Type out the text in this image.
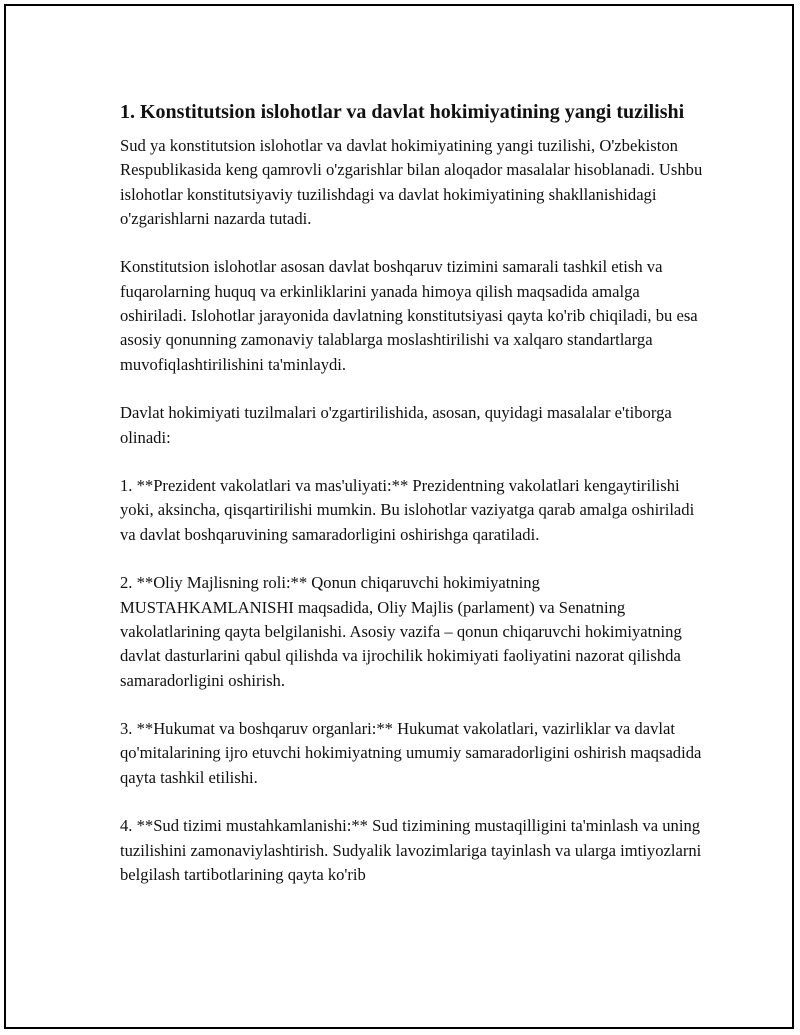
1. Konstitutsion islohotlar va davlat hokimiyatining yangi tuzilishi

Sud ya konstitutsion islohotlar va davlat hokimiyatining yangi tuzilishi, O'zbekiston Respublikasida keng qamrovli o'zgarishlar bilan aloqador masalalar hisoblanadi. Ushbu islohotlar konstitutsiyaviy tuzilishdagi va davlat hokimiyatining shakllanishidagi o'zgarishlarni nazarda tutadi.

Konstitutsion islohotlar asosan davlat boshqaruv tizimini samarali tashkil etish va fuqarolarning huquq va erkinliklarini yanada himoya qilish maqsadida amalga oshiriladi. Islohotlar jarayonida davlatning konstitutsiyasi qayta ko'rib chiqiladi, bu esa asosiy qonunning zamonaviy talablarga moslashtirilishi va xalqaro standartlarga muvofiqlashtirilishini ta'minlaydi.

Davlat hokimiyati tuzilmalari o'zgartirilishida, asosan, quyidagi masalalar e'tiborga olinadi:

1. **Prezident vakolatlari va mas'uliyati:** Prezidentning vakolatlari kengaytirilishi yoki, aksincha, qisqartirilishi mumkin. Bu islohotlar vaziyatga qarab amalga oshiriladi va davlat boshqaruvining samaradorligini oshirishga qaratiladi.

2. **Oliy Majlisning roli:** Qonun chiqaruvchi hokimiyatning MUSTAHKAMLANISHI maqsadida, Oliy Majlis (parlament) va Senatning vakolatlarining qayta belgilanishi. Asosiy vazifa – qonun chiqaruvchi hokimiyatning davlat dasturlarini qabul qilishda va ijrochilik hokimiyati faoliyatini nazorat qilishda samaradorligini oshirish.

3. **Hukumat va boshqaruv organlari:** Hukumat vakolatlari, vazirliklar va davlat qo'mitalarining ijro etuvchi hokimiyatning umumiy samaradorligini oshirish maqsadida qayta tashkil etilishi.

4. **Sud tizimi mustahkamlanishi:** Sud tizimining mustaqilligini ta'minlash va uning tuzilishini zamonaviylashtirish. Sudyalik lavozimlariga tayinlash va ularga imtiyozlarni belgilash tartibotlarining qayta ko'rib
